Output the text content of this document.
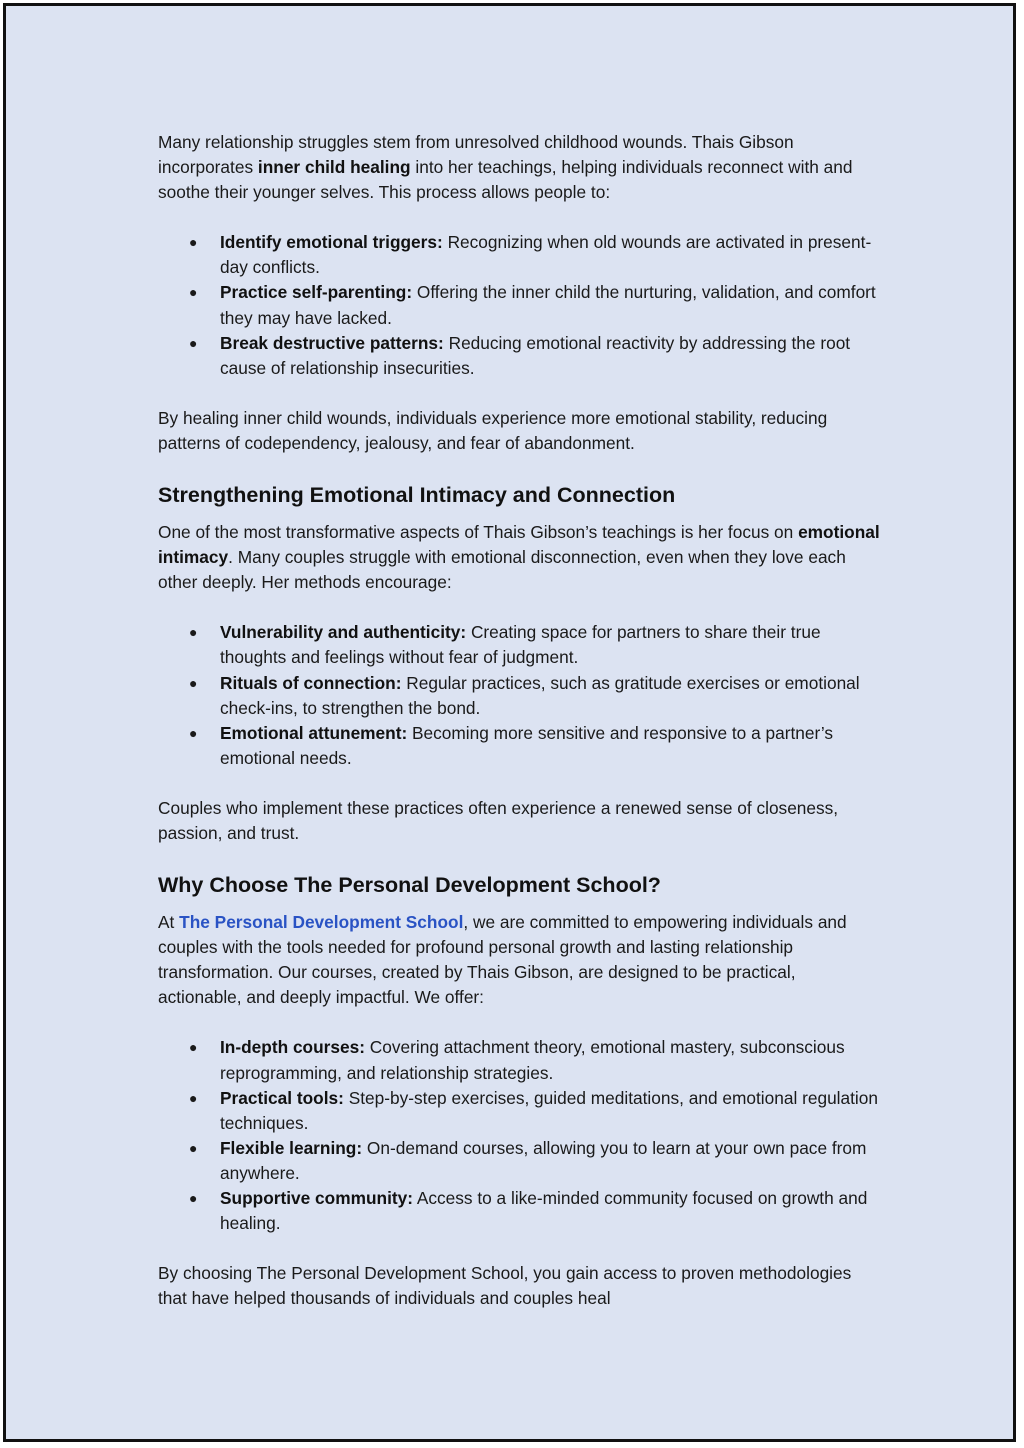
Many relationship struggles stem from unresolved childhood wounds. Thais Gibson incorporates inner child healing into her teachings, helping individuals reconnect with and soothe their younger selves. This process allows people to:

● Identify emotional triggers: Recognizing when old wounds are activated in present-day conflicts.
● Practice self-parenting: Offering the inner child the nurturing, validation, and comfort they may have lacked.
● Break destructive patterns: Reducing emotional reactivity by addressing the root cause of relationship insecurities.

By healing inner child wounds, individuals experience more emotional stability, reducing patterns of codependency, jealousy, and fear of abandonment.

Strengthening Emotional Intimacy and Connection

One of the most transformative aspects of Thais Gibson’s teachings is her focus on emotional intimacy. Many couples struggle with emotional disconnection, even when they love each other deeply. Her methods encourage:

● Vulnerability and authenticity: Creating space for partners to share their true thoughts and feelings without fear of judgment.
● Rituals of connection: Regular practices, such as gratitude exercises or emotional check-ins, to strengthen the bond.
● Emotional attunement: Becoming more sensitive and responsive to a partner’s emotional needs.

Couples who implement these practices often experience a renewed sense of closeness, passion, and trust.

Why Choose The Personal Development School?

At The Personal Development School, we are committed to empowering individuals and couples with the tools needed for profound personal growth and lasting relationship transformation. Our courses, created by Thais Gibson, are designed to be practical, actionable, and deeply impactful. We offer:

● In-depth courses: Covering attachment theory, emotional mastery, subconscious reprogramming, and relationship strategies.
● Practical tools: Step-by-step exercises, guided meditations, and emotional regulation techniques.
● Flexible learning: On-demand courses, allowing you to learn at your own pace from anywhere.
● Supportive community: Access to a like-minded community focused on growth and healing.

By choosing The Personal Development School, you gain access to proven methodologies that have helped thousands of individuals and couples heal
